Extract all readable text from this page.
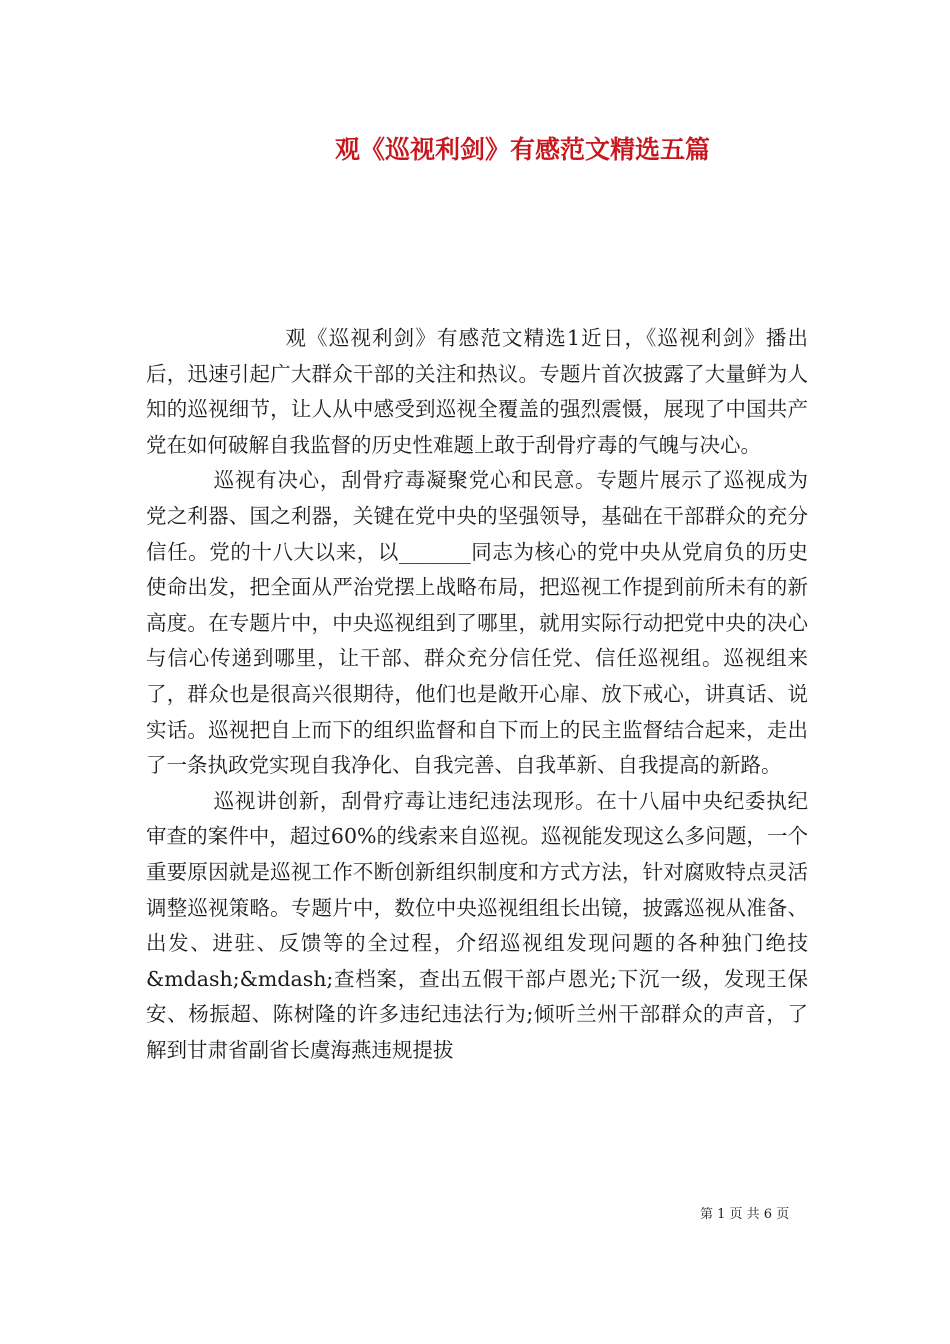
观《巡视利剑》有感范文精选五篇

观《巡视利剑》有感范文精选1近日，《巡视利剑》播出后，迅速引起广大群众干部的关注和热议。专题片首次披露了大量鲜为人知的巡视细节，让人从中感受到巡视全覆盖的强烈震慑，展现了中国共产党在如何破解自我监督的历史性难题上敢于刮骨疗毒的气魄与决心。

巡视有决心，刮骨疗毒凝聚党心和民意。专题片展示了巡视成为党之利器、国之利器，关键在党中央的坚强领导，基础在干部群众的充分信任。党的十八大以来，以_______同志为核心的党中央从党肩负的历史使命出发，把全面从严治党摆上战略布局，把巡视工作提到前所未有的新高度。在专题片中，中央巡视组到了哪里，就用实际行动把党中央的决心与信心传递到哪里，让干部、群众充分信任党、信任巡视组。巡视组来了，群众也是很高兴很期待，他们也是敞开心扉、放下戒心，讲真话、说实话。巡视把自上而下的组织监督和自下而上的民主监督结合起来，走出了一条执政党实现自我净化、自我完善、自我革新、自我提高的新路。

巡视讲创新，刮骨疗毒让违纪违法现形。在十八届中央纪委执纪审查的案件中，超过60%的线索来自巡视。巡视能发现这么多问题，一个重要原因就是巡视工作不断创新组织制度和方式方法，针对腐败特点灵活调整巡视策略。专题片中，数位中央巡视组组长出镜，披露巡视从准备、出发、进驻、反馈等的全过程，介绍巡视组发现问题的各种独门绝技&mdash;&mdash;查档案，查出五假干部卢恩光;下沉一级，发现王保安、杨振超、陈树隆的许多违纪违法行为;倾听兰州干部群众的声音，了解到甘肃省副省长虞海燕违规提拔

第 1 页 共 6 页
